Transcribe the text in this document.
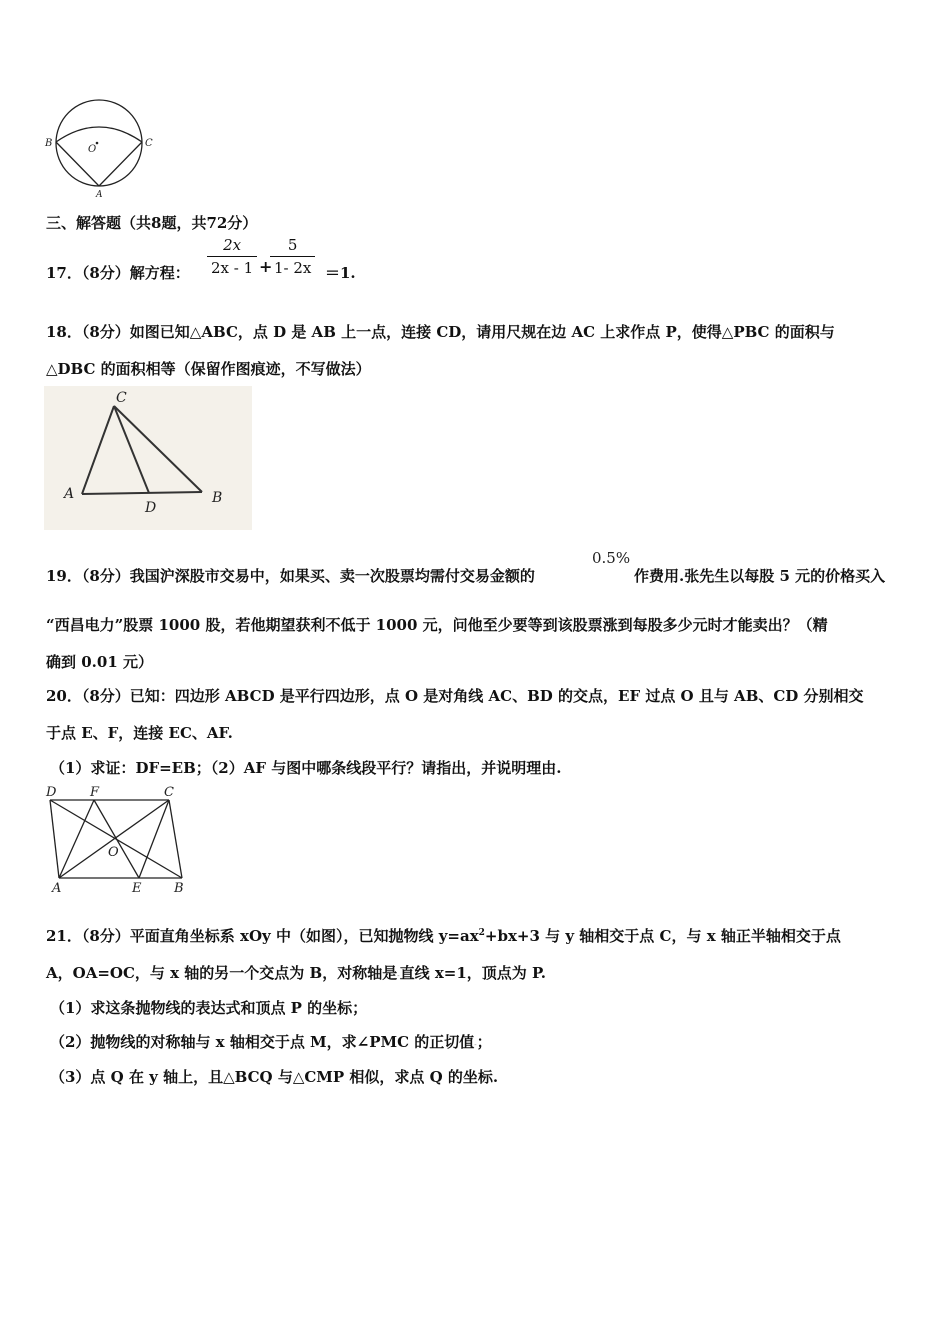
B	C
O
A
三、解答题（共8题，共72分）
17．（8分）解方程： $\frac{2x}{2x - 1}$ +
$\frac{5}{1- 2x} =1$.
18．（8分）如图已知△ABC，点 D 是 AB 上一点，连接 CD，请用尺规在边 AC 上求作点 P，使得△PBC 的面积与
△DBC 的面积相等（保留作图痕迹，不写做法）
C
A
D
B
19．（8分）我国沪深股市交易中，如果买、卖一次股票均需付交易金额的
0.5%
作费用.张先生以每股 5 元的价格买入
“西昌电力”股票 1000 股，若他期望获利不低于 1000 元，问他至少要等到该股票涨到每股多少元时才能卖出？（精
确到 0.01 元）
20．（8分）已知：四边形 ABCD 是平行四边形，点 O 是对角线 AC、BD 的交点，EF 过点 O 且与 AB、CD 分别相交
于点 E、F，连接 EC、AF.
（1）求证：DF=EB；（2）AF 与图中哪条线段平行？请指出，并说明理由.
D	F	C
O
A	E	B
21．（8分）平面直角坐标系 xOy 中（如图），已知抛物线 $y=ax^2+bx+3$ 与 y 轴相交于点 C，与 x 轴正半轴相交于点
A，OA=OC，与 x 轴的另一个交点为 B，对称轴是-直线 x=1，顶点为 P.
（1）求这条抛物线的表达式和顶点 P 的坐标；
（2）抛物线的对称轴与 x 轴相交于点 M，求∠PMC 的正切值-；
（3）点 Q 在 y 轴上，且△BCQ 与△CMP 相似，求点 Q 的坐标.
